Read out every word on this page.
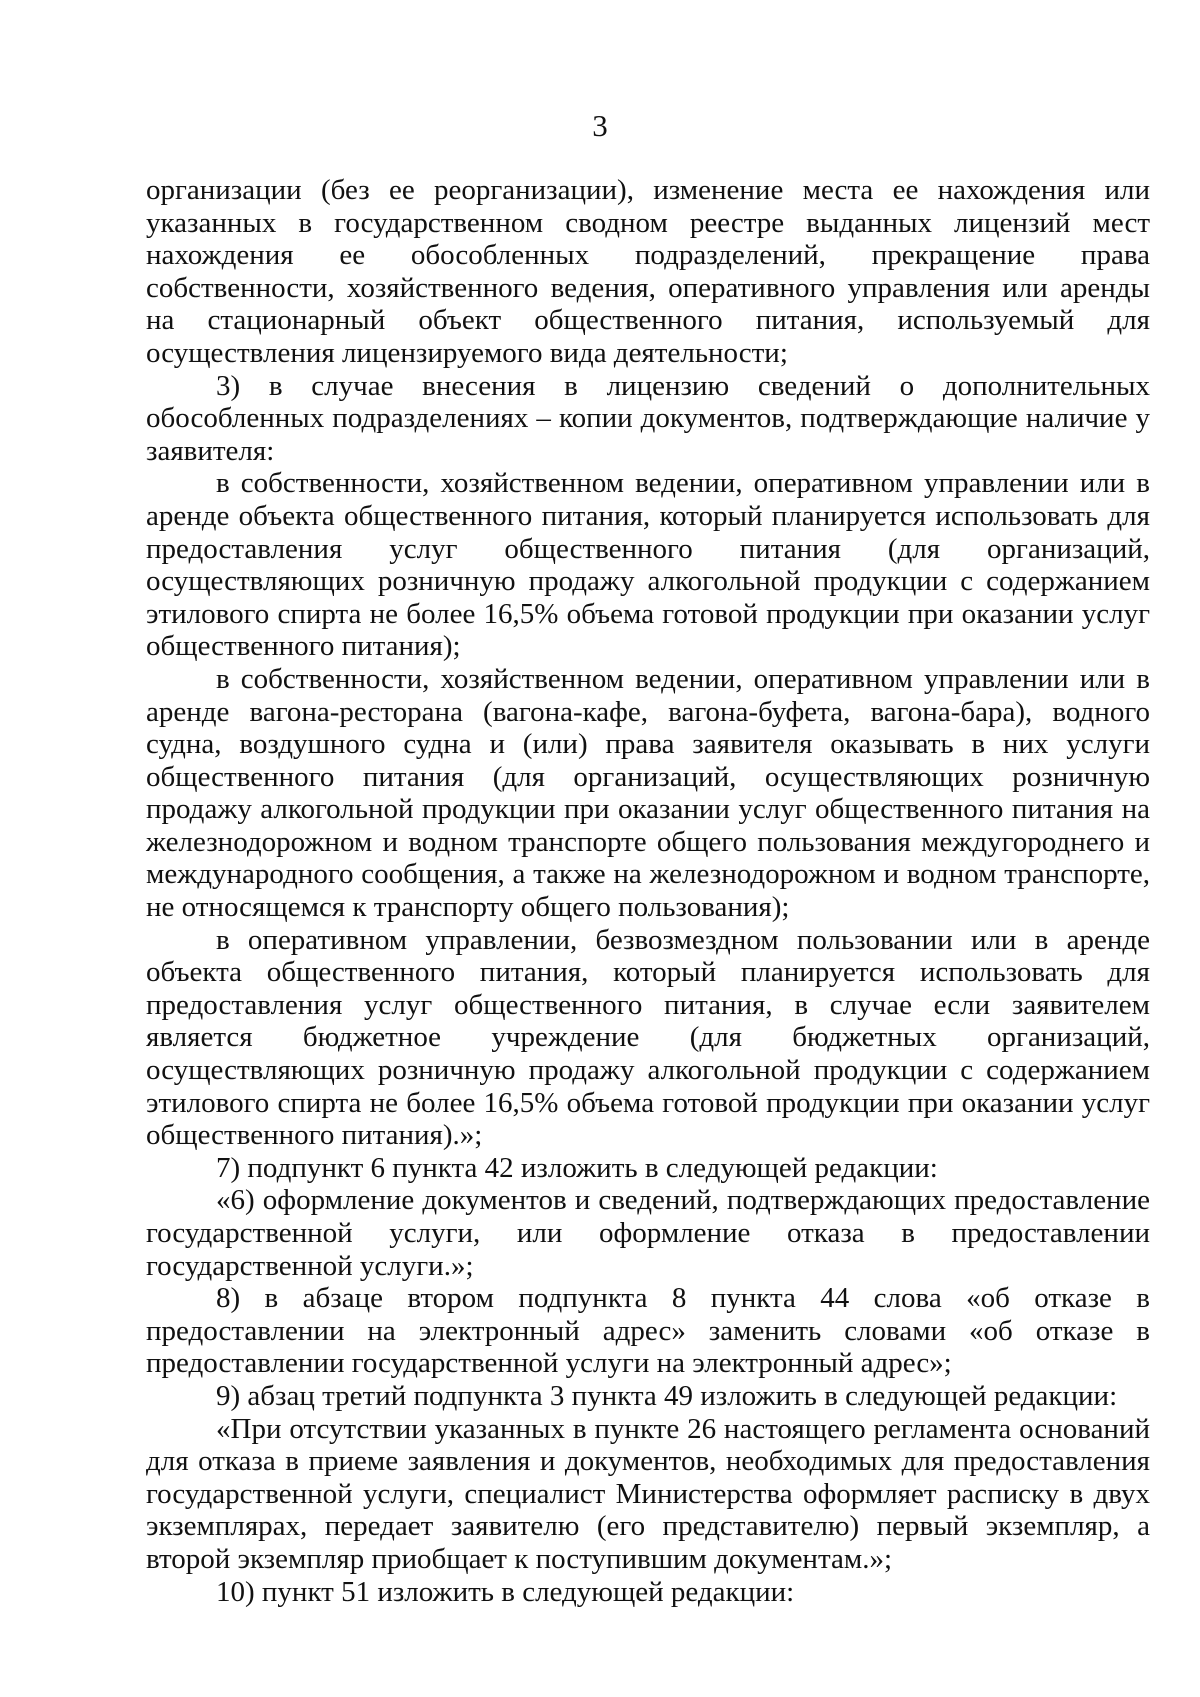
3

организации (без ее реорганизации), изменение места ее нахождения или указанных в государственном сводном реестре выданных лицензий мест нахождения ее обособленных подразделений, прекращение права собственности, хозяйственного ведения, оперативного управления или аренды на стационарный объект общественного питания, используемый для осуществления лицензируемого вида деятельности;

3) в случае внесения в лицензию сведений о дополнительных обособленных подразделениях – копии документов, подтверждающие наличие у заявителя:

в собственности, хозяйственном ведении, оперативном управлении или в аренде объекта общественного питания, который планируется использовать для предоставления услуг общественного питания (для организаций, осуществляющих розничную продажу алкогольной продукции с содержанием этилового спирта не более 16,5% объема готовой продукции при оказании услуг общественного питания);

в собственности, хозяйственном ведении, оперативном управлении или в аренде вагона-ресторана (вагона-кафе, вагона-буфета, вагона-бара), водного судна, воздушного судна и (или) права заявителя оказывать в них услуги общественного питания (для организаций, осуществляющих розничную продажу алкогольной продукции при оказании услуг общественного питания на железнодорожном и водном транспорте общего пользования междугороднего и международного сообщения, а также на железнодорожном и водном транспорте, не относящемся к транспорту общего пользования);

в оперативном управлении, безвозмездном пользовании или в аренде объекта общественного питания, который планируется использовать для предоставления услуг общественного питания, в случае если заявителем является бюджетное учреждение (для бюджетных организаций, осуществляющих розничную продажу алкогольной продукции с содержанием этилового спирта не более 16,5% объема готовой продукции при оказании услуг общественного питания).»;

7) подпункт 6 пункта 42 изложить в следующей редакции:

«6) оформление документов и сведений, подтверждающих предоставление государственной услуги, или оформление отказа в предоставлении государственной услуги.»;

8) в абзаце втором подпункта 8 пункта 44 слова «об отказе в предоставлении на электронный адрес» заменить словами «об отказе в предоставлении государственной услуги на электронный адрес»;

9) абзац третий подпункта 3 пункта 49 изложить в следующей редакции:

«При отсутствии указанных в пункте 26 настоящего регламента оснований для отказа в приеме заявления и документов, необходимых для предоставления государственной услуги, специалист Министерства оформляет расписку в двух экземплярах, передает заявителю (его представителю) первый экземпляр, а второй экземпляр приобщает к поступившим документам.»;

10) пункт 51 изложить в следующей редакции:
